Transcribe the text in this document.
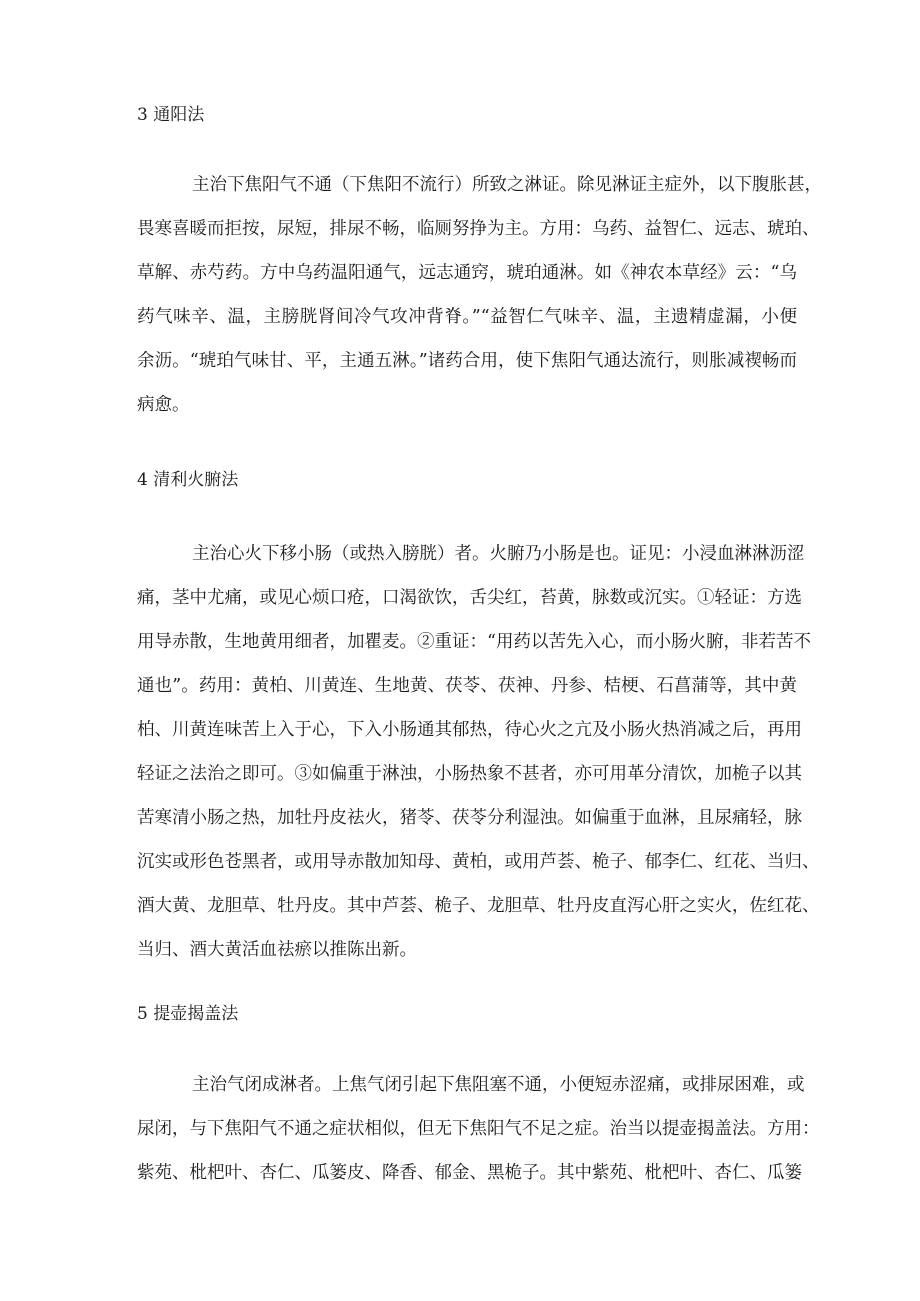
3 通阳法
主治下焦阳气不通（下焦阳不流行）所致之淋证。除见淋证主症外，以下腹胀甚，
畏寒喜暖而拒按，尿短，排尿不畅，临厕努挣为主。方用：乌药、益智仁、远志、琥珀、
草解、赤芍药。方中乌药温阳通气，远志通窍，琥珀通淋。如《神农本草经》云：“乌
药气味辛、温，主膀胱肾间冷气攻冲背脊。”“益智仁气味辛、温，主遗精虚漏，小便
余沥。“琥珀气味甘、平，主通五淋。”诸药合用，使下焦阳气通达流行，则胀减褉畅而
病愈。
4 清利火腑法
主治心火下移小肠（或热入膀胱）者。火腑乃小肠是也。证见：小浸血淋淋沥涩
痛，茎中尤痛，或见心烦口疮，口渴欲饮，舌尖红，苔黄，脉数或沉实。①轻证：方选
用导赤散，生地黄用细者，加瞿麦。②重证：“用药以苦先入心，而小肠火腑，非若苦不
通也”。药用：黄柏、川黄连、生地黄、茯苓、茯神、丹参、桔梗、石菖蒲等，其中黄
柏、川黄连味苦上入于心，下入小肠通其郁热，待心火之亢及小肠火热消减之后，再用
轻证之法治之即可。③如偏重于淋浊，小肠热象不甚者，亦可用革分清饮，加桅子以其
苦寒清小肠之热，加牡丹皮祛火，猪苓、茯苓分利湿浊。如偏重于血淋，且尿痛轻，脉
沉实或形色苍黑者，或用导赤散加知母、黄柏，或用芦荟、桅子、郁李仁、红花、当归、
酒大黄、龙胆草、牡丹皮。其中芦荟、桅子、龙胆草、牡丹皮直泻心肝之实火，佐红花、
当归、酒大黄活血祛瘀以推陈出新。
5 提壶揭盖法
主治气闭成淋者。上焦气闭引起下焦阻塞不通，小便短赤涩痛，或排尿困难，或
尿闭，与下焦阳气不通之症状相似，但无下焦阳气不足之症。治当以提壶揭盖法。方用：
紫苑、枇杷叶、杏仁、瓜篓皮、降香、郁金、黑桅子。其中紫苑、枇杷叶、杏仁、瓜篓
